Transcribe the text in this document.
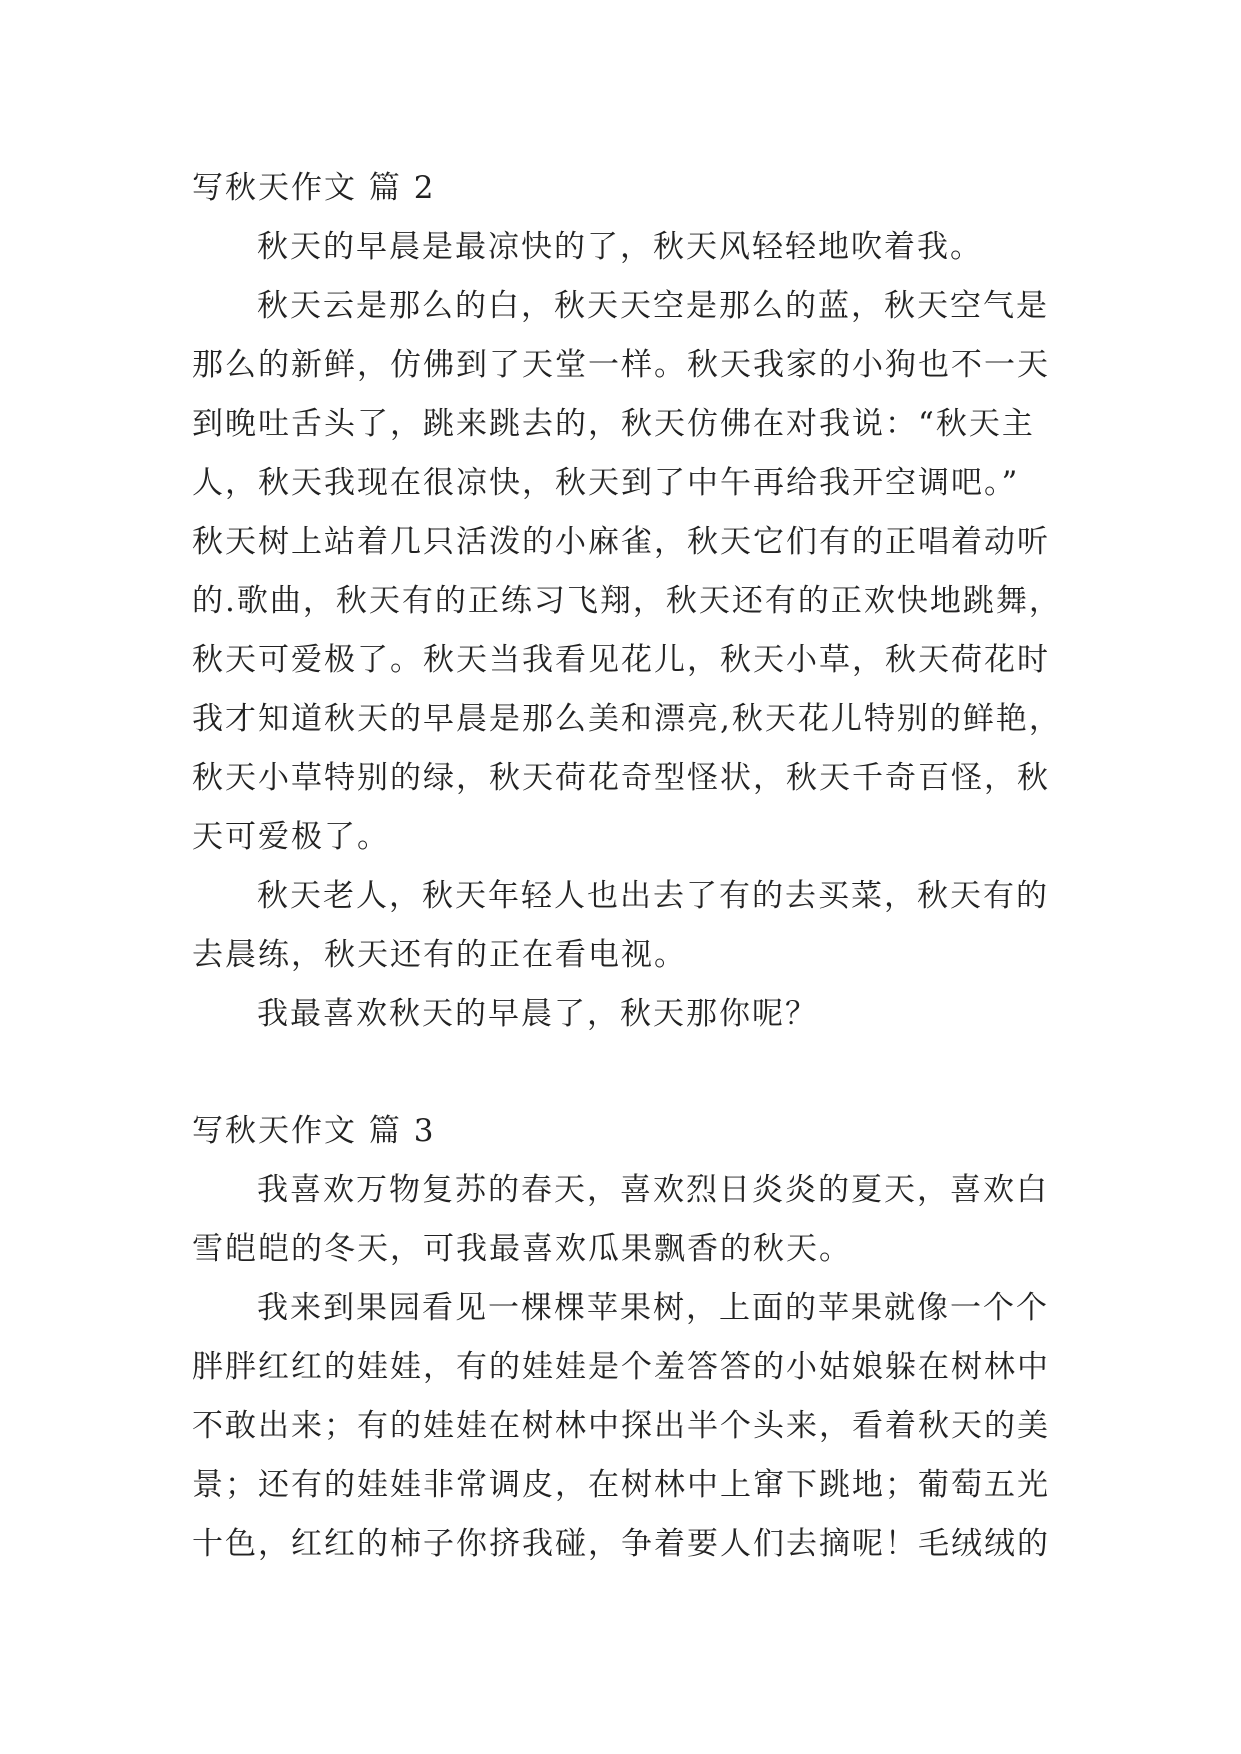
写秋天作文 篇 2
秋天的早晨是最凉快的了，秋天风轻轻地吹着我。
秋天云是那么的白，秋天天空是那么的蓝，秋天空气是
那么的新鲜，仿佛到了天堂一样。秋天我家的小狗也不一天
到晚吐舌头了，跳来跳去的，秋天仿佛在对我说：“秋天主
人，秋天我现在很凉快，秋天到了中午再给我开空调吧。”
秋天树上站着几只活泼的小麻雀，秋天它们有的正唱着动听
的.歌曲，秋天有的正练习飞翔，秋天还有的正欢快地跳舞，
秋天可爱极了。秋天当我看见花儿，秋天小草，秋天荷花时
我才知道秋天的早晨是那么美和漂亮,秋天花儿特别的鲜艳，
秋天小草特别的绿，秋天荷花奇型怪状，秋天千奇百怪，秋
天可爱极了。
秋天老人，秋天年轻人也出去了有的去买菜，秋天有的
去晨练，秋天还有的正在看电视。
我最喜欢秋天的早晨了，秋天那你呢？
写秋天作文 篇 3
我喜欢万物复苏的春天，喜欢烈日炎炎的夏天，喜欢白
雪皑皑的冬天，可我最喜欢瓜果飘香的秋天。
我来到果园看见一棵棵苹果树，上面的苹果就像一个个
胖胖红红的娃娃，有的娃娃是个羞答答的小姑娘躲在树林中
不敢出来；有的娃娃在树林中探出半个头来，看着秋天的美
景；还有的娃娃非常调皮，在树林中上窜下跳地；葡萄五光
十色，红红的柿子你挤我碰，争着要人们去摘呢！毛绒绒的
